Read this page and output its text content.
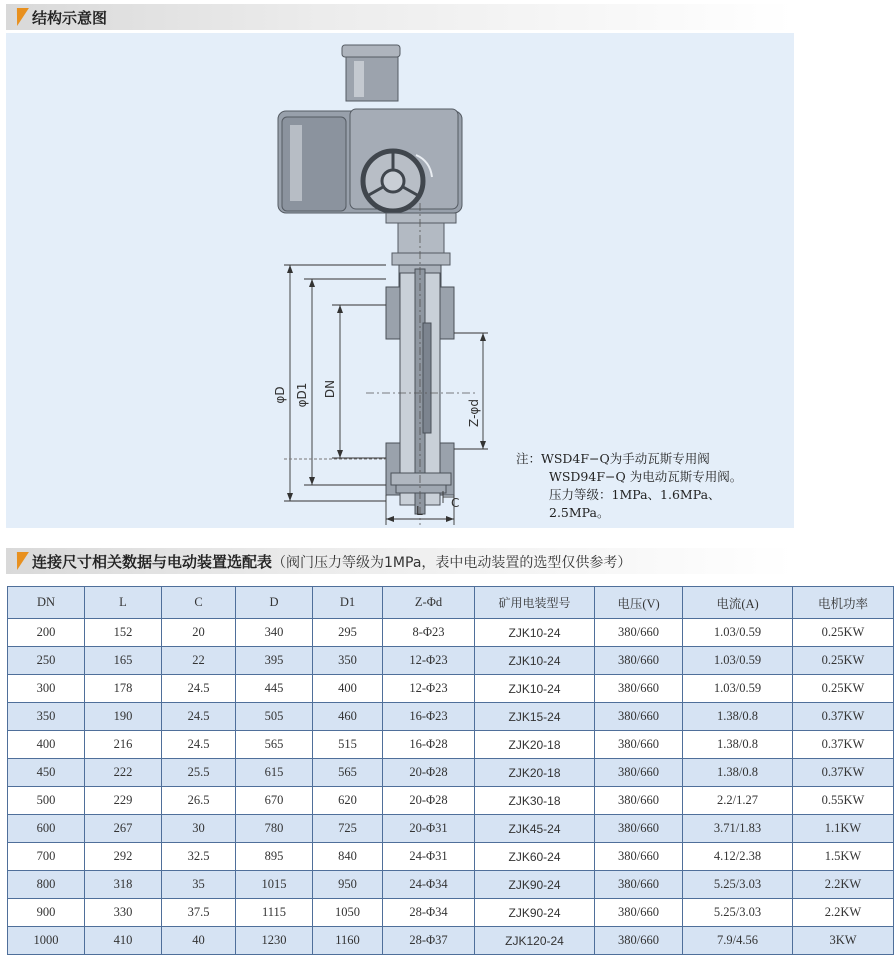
结构示意图
φD φD1 DN
Z-φd
C
L
注：WSD4F−Q为手动瓦斯专用阀
WSD94F−Q 为电动瓦斯专用阀。
压力等级：1MPa、1.6MPa、
2.5MPa。
连接尺寸相关数据与电动装置选配表（阀门压力等级为1MPa，表中电动装置的选型仅供参考）
DN	L	C	D	D1	Z-Φd	矿用电装型号	电压(V)	电流(A)	电机功率
200	152	20	340	295	8-Φ23	ZJK10-24	380/660	1.03/0.59	0.25KW
250	165	22	395	350	12-Φ23	ZJK10-24	380/660	1.03/0.59	0.25KW
300	178	24.5	445	400	12-Φ23	ZJK10-24	380/660	1.03/0.59	0.25KW
350	190	24.5	505	460	16-Φ23	ZJK15-24	380/660	1.38/0.8	0.37KW
400	216	24.5	565	515	16-Φ28	ZJK20-18	380/660	1.38/0.8	0.37KW
450	222	25.5	615	565	20-Φ28	ZJK20-18	380/660	1.38/0.8	0.37KW
500	229	26.5	670	620	20-Φ28	ZJK30-18	380/660	2.2/1.27	0.55KW
600	267	30	780	725	20-Φ31	ZJK45-24	380/660	3.71/1.83	1.1KW
700	292	32.5	895	840	24-Φ31	ZJK60-24	380/660	4.12/2.38	1.5KW
800	318	35	1015	950	24-Φ34	ZJK90-24	380/660	5.25/3.03	2.2KW
900	330	37.5	1115	1050	28-Φ34	ZJK90-24	380/660	5.25/3.03	2.2KW
1000	410	40	1230	1160	28-Φ37	ZJK120-24	380/660	7.9/4.56	3KW
